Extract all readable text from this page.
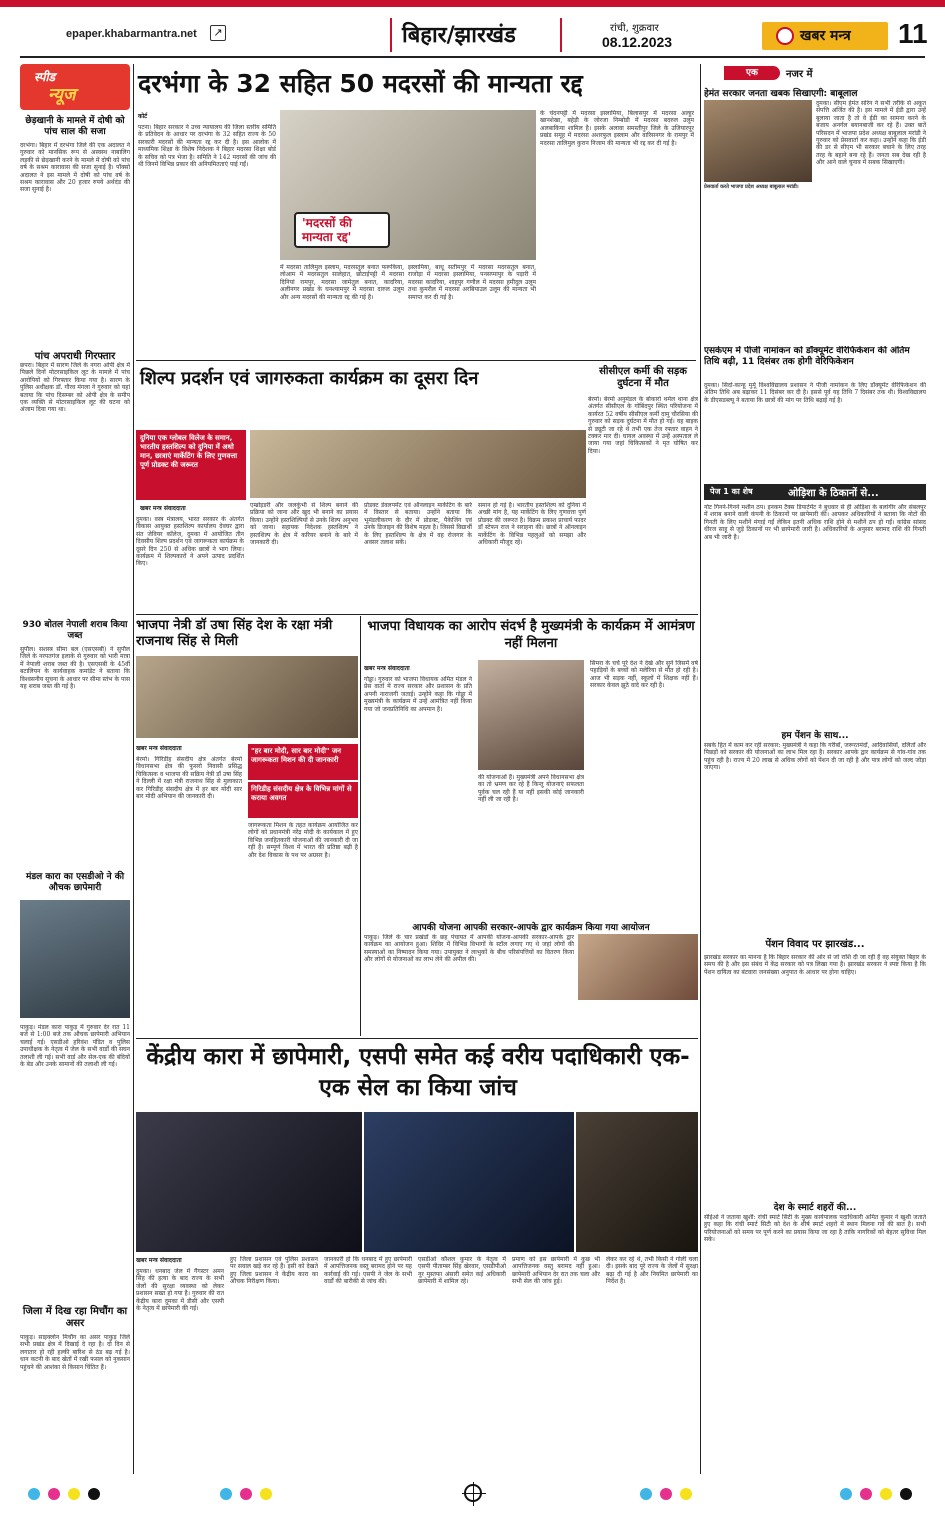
epaper.khabarmantra.net	↗	बिहार/झारखंड	रांची, शुक्रवार
08.12.2023	खबर मन्त्र 11
स्पीड
न्यूज
छेड़खानी के मामले में दोषी को पांच साल की सजा
दरभंगा। बिहार में दरभंगा जिले की एक अदालत ने गुरुवार को मानसिक रूप से अस्वस्थ नाबालिग लड़की से छेड़खानी करने के मामले में दोषी को पांच वर्ष के सश्रम कारावास की सजा सुनाई है। पॉक्सो अदालत ने इस मामले में दोषी को पांच वर्ष के सश्रम कारावास और 20 हजार रुपये अर्थदंड की सजा सुनाई है।
पांच अपराधी गिरफ्तार
छपरा। बिहार में सारण जिले के नगरा ओपी क्षेत्र में पिछले दिनों मोटरसाइकिल लूट के मामले में पांच आरोपियों को गिरफ्तार किया गया है। सारण के पुलिस अधीक्षक डॉ. गौरव मंगला ने गुरुवार को यहां बताया कि पांच दिसम्बर को ओपी क्षेत्र के समीप एक व्यक्ति से मोटरसाइकिल लूट की घटना को अंजाम दिया गया था।
930 बोतल नेपाली शराब किया जब्त
सुपौल। सशस्त्र सीमा बल (एसएसबी) ने सुपौल जिले के नरपतगंज इलाके से गुरुवार को भारी मात्रा में नेपाली शराब जब्त की है। एसएसबी के 45वीं बटालियन के कार्यवाहक कमांडेंट ने बताया कि विश्वसनीय सूचना के आधार पर सीमा स्तंभ के पास यह शराब जब्त की गई है।
मंडल कारा का एसडीओ ने की औचक छापेमारी
पाकुड़। मंडल कारा पाकुड़ में गुरुवार देर रात 11 बजे से 1:00 बजे तक औचक छापेमारी अभियान चलाई गई। एसडीओ हरिवंश पंडित व पुलिस उपाधीक्षक के नेतृत्व में जेल के सभी वार्डों की सघन तलाशी ली गई। सभी वार्ड और सेल-एक की बंदियों के बेड और उनके सामानों की तलाशी ली गई।
जिला में दिख रहा मिचौंग का असर
पाकुड़। साइक्लोन मिचौंग का असर पाकुड़ जिले सभी प्रखंड क्षेत्र में दिखाई दे रहा है। दो दिन से लगातार हो रही हल्की बारिश से ठंड बढ़ गई है। धान कटनी के बाद खेतों में रखी फसल को नुकसान पहुंचने की आशंका से किसान चिंतित हैं।
दरभंगा के 32 सहित 50 मदरसों की मान्यता रद्द
कोर्ट
पटना। बिहार सरकार ने उच्च न्यायालय की जिला स्तरीय समिति के प्रतिवेदन के आधार पर दरभंगा के 32 सहित राज्य के 50 सरकारी मदरसों की मान्यता रद्द कर दी है। इस आलोक में माध्यमिक शिक्षा के विशेष निदेशक ने बिहार मदरसा शिक्षा बोर्ड के सचिव को पत्र भेजा है। समिति ने 142 मदरसों की जांच की थी जिनमें विभिन्न प्रकार की अनियमितताएं पाई गईं।
'मदरसों की मान्यता रद्द'
में मदरसा तालिमुल इस्लाम, मदरसतुल बनात फरूकिया, लोआम में मदरसतुल सालेहात, छोटाईपट्टी में मदरसा दिनियां रामपुर, मदरसा जामेतुल बनात, कादरिया, अलीनगर प्रखंड के घनश्यामपुर में मदरसा दारुल उलूम और अन्य मदरसों की मान्यता रद्द की गई है।
इस्लामिया, बाधू सतीमपुर में मदरसा मदरसतुल बनात, राजोड़ा में मदरसा इस्लामिया, पनसप्पापुर के पड़ारी में मदरसा कादरिया, शाहपुर गणौल में मदरसा हमीदुल उलूम तथा कुमरौल में मदरसा अरबियाउल उलूम की मान्यता भी समाप्त कर दी गई है।
के चंदनपट्टी में मदरसा इस्लामिया, बिलासपुर में मदरसा अल्हुर खानशेखा, बहेड़ी के जोरजा निम्बोडी में मदरसा बदरुल उलूम अलबाकिया शामिल है। इसके अलावा समस्तीपुर जिले के उजियारपुर प्रखंड समूह में मदरसा अशरफुल इस्लाम और वारिसनगर के रामपुर में मदरसा तालिमुल कुरान निजाम की मान्यता भी रद्द कर दी गई है।
एक	नजर में
हेमंत सरकार जनता खबक सिखाएगी: बाबूलाल
प्रेसवार्ता करते भाजपा प्रदेश अध्यक्ष बाबूलाल मरांडी।
दुमका। सीएम हेमंत सोरेन ने सभी तरीके से अकूत संपत्ति अर्जित की है। इस मामले में ईडी द्वारा उन्हें बुलाया जाता है तो वे ईडी का सामना करने के बजाय अनर्गल बयानबाजी कर रहे हैं। उक्त बातें परिसदन में भाजपा प्रदेश अध्यक्ष बाबूलाल मरांडी ने गुरुवार को प्रेसवार्ता कर कहा। उन्होंने कहा कि ईडी की डर से सीएम भी सरकार बचाने के लिए तरह तरह के बहाने बना रहे हैं। जनता सब देख रही है और आने वाले चुनाव में सबक सिखाएगी।
एसकेएम में पीजी नामांकन को डॉक्यूमेंट वेरिफिकेशन की अंतिम तिथि बढ़ी, 11 दिसंबर तक होगी वेरिफिकेशन
दुमका। सिदो-कान्हू मुर्मू विश्वविद्यालय प्रशासन ने पीजी नामांकन के लिए डॉक्यूमेंट वेरिफिकेशन की अंतिम तिथि अब बढ़ाकर 11 दिसंबर कर दी है। इससे पूर्व यह तिथि 7 दिसंबर तक थी। विश्वविद्यालय के डीएसडब्ल्यू ने बताया कि छात्रों की मांग पर तिथि बढ़ाई गई है।
शिल्प प्रदर्शन एवं जागरुकता कार्यक्रम का दूसरा दिन
दुनिया एक ग्लोबल विलेज के समान, भारतीय हस्तशिल्प को दुनिया में अधो मान, छात्राएं मार्केटिंग के लिए गुणवत्ता पूर्ण प्रोडक्ट की जरूरत
खबर मन्त्र संवाददाता
दुमका। वस्त्र मंत्रालय, भारत सरकार के अंतर्गत विकास आयुक्त हस्तशिल्प कार्यालय देवघर द्वारा संत जेवियर कॉलेज, दुमका में आयोजित तीन दिवसीय शिल्प प्रदर्शन एवं जागरूकता कार्यक्रम के दूसरे दिन 250 से अधिक छात्रों ने भाग लिया। कार्यक्रम में शिल्पकारों ने अपने उत्पाद प्रदर्शित किए।
एम्ब्रोइडरी और जलकुंभी से शिल्प बनाने की प्रक्रिया को जाना और खुद भी बनाने का प्रयास किया। उन्होंने हस्तशिल्पियों से उनके शिल्प अनुभव को जाना। सहायक निदेशक हस्तशिल्प ने हस्तशिल्प के क्षेत्र में करियर बनाने के बारे में जानकारी दी।
प्रोडक्ट डेवलपमेंट एवं ऑनलाइन मार्केटिंग के बारे में विस्तार से बताया। उन्होंने बताया कि भूमंडलीकरण के दौर में प्रोडक्ट, पैकेजिंग एवं उनके डिजाइन की विशेष महत्व है। जिससे विद्यार्थी के लिए हस्तशिल्प के क्षेत्र में वह रोजगार के अवसर तलाश सकें।
समान हो गई है। भारतीय हस्तशिल्प को दुनिया में अच्छी मांग है, यह मार्केटिंग के लिए गुणवत्ता पूर्ण प्रोडक्ट की जरूरत है। विक्रम प्रकाश प्राचार्य फादर डॉ स्टेफन राज ने सराहना की। छात्रों ने ऑनलाइन मार्केटिंग के विभिन्न पहलुओं को समझा और अधिकारी मौजूद रहे।
सीसीएल कर्मी की सड़क दुर्घटना में मौत
बेरमो। बेरमो अनुमंडल के बोकारो थर्मल थाना क्षेत्र अंतर्गत सीसीएल के गोबिंदपुर स्थित परियोजना में कार्यरत 52 वर्षीय सीसीएल कर्मी दामु चौरसिया की गुरुवार को सड़क दुर्घटना में मौत हो गई। वह बाइक से ड्यूटी जा रहे थे तभी एक तेज रफ्तार वाहन ने टक्कर मार दी। घायल अवस्था में उन्हें अस्पताल ले जाया गया जहां चिकित्सकों ने मृत घोषित कर दिया।
पेज 1 का शेष	ओड़िशा के ठिकानों से...
नोट गिनने-गिनने मशीन ठप। इनकम टैक्स डिपार्टमेंट ने बुधवार से ही ओड़िशा के बलांगीर और संबलपुर में शराब बनाने वाली कंपनी के ठिकानों पर छापेमारी की। आयकर अधिकारियों ने बताया कि नोटों की गिनती के लिए मशीनें मंगाई गईं लेकिन इतनी अधिक राशि होने से मशीनें ठप हो गईं। कांग्रेस सांसद धीरज साहू से जुड़े ठिकानों पर भी छापेमारी जारी है। अधिकारियों के अनुसार बरामद राशि की गिनती अब भी जारी है।
हम पेंशन के साथ...
सबके हित में काम कर रही सरकार: मुख्यमंत्री ने कहा कि गरीबों, जरूरतमंदों, आदिवासियों, दलितों और पिछड़ों को सरकार की योजनाओं का लाभ मिल रहा है। सरकार आपके द्वार कार्यक्रम से गांव-गांव तक पहुंच रही है। राज्य में 20 लाख से अधिक लोगों को पेंशन दी जा रही है और पात्र लोगों को जल्द जोड़ा जाएगा।
पेंशन विवाद पर झारखंड...
झारखंड सरकार का मानना है कि बिहार सरकार की ओर से जो राशि दी जा रही है वह संयुक्त बिहार के समय की है और इस संबंध में केंद्र सरकार को पत्र लिखा गया है। झारखंड सरकार ने स्पष्ट किया है कि पेंशन दायित्व का बंटवारा जनसंख्या अनुपात के आधार पर होना चाहिए।
देश के स्मार्ट शहरों की...
सीईओ ने जताया खुशी: रांची स्मार्ट सिटी के मुख्य कार्यपालक पदाधिकारी अमित कुमार ने खुशी जताते हुए कहा कि रांची स्मार्ट सिटी को देश के शीर्ष स्मार्ट शहरों में स्थान मिलना गर्व की बात है। सभी परियोजनाओं को समय पर पूर्ण करने का प्रयास किया जा रहा है ताकि नागरिकों को बेहतर सुविधा मिल सके।
भाजपा नेत्री डॉ उषा सिंह देश के रक्षा मंत्री राजनाथ सिंह से मिली
खबर मन्त्र संवाददाता
बेरमो। गिरिडीह संसदीय क्षेत्र अंतर्गत बेरमो विधानसभा क्षेत्र की फुसरो निवासी प्रसिद्ध चिकित्सक व भाजपा की सक्रिय नेत्री डॉ उषा सिंह ने दिल्ली में रक्षा मंत्री राजनाथ सिंह से मुलाकात कर गिरिडीह संसदीय क्षेत्र में हर बार मोदी सार बार मोदी अभियान की जानकारी दी।
"हर बार मोदी, सार बार मोदी" जन जागरूकता मिशन की दी जानकारी
गिरिडीह संसदीय क्षेत्र के विभिन्न मांगों से कराया अवगत
जागरूकता मिशन के तहत कार्यक्रम आयोजित कर लोगों को प्रधानमंत्री नरेंद्र मोदी के कार्यकाल में हुए विभिन्न जनहितकारी योजनाओं की जानकारी दी जा रही है। सम्पूर्ण विश्व में भारत की प्रतिष्ठा बढ़ी है और देश विकास के पथ पर अग्रसर है।
भाजपा विधायक का आरोप संदर्भ है मुख्यमंत्री के कार्यक्रम में आमंत्रण नहीं मिलना
खबर मन्त्र संवाददाता
गोड्डा। गुरुवार को भाजपा विधायक अमित मंडल ने प्रेस वार्ता में राज्य सरकार और प्रशासन के प्रति अपनी नाराजगी जताई। उन्होंने कहा कि गोड्डा में मुख्यमंत्री के कार्यक्रम में उन्हें आमंत्रित नहीं किया गया जो जनप्रतिनिधि का अपमान है।
की योजनाओं हैं। मुख्यमंत्री अपने विधानसभा क्षेत्र का तो भ्रमण कर रहे हैं किन्तु योजनाएं सफलता पूर्वक चल रही हैं या नहीं इसकी कोई जानकारी नहीं ली जा रही है।
सिमरा के चर्चे पूरे देश ने देखे और सुने जिसमें वर्ष पहाड़ियों के बच्चों को मलेरिया से मौत हो रही है। आज भी सड़क नहीं, स्कूलों में शिक्षक नहीं हैं। सरकार केवल झूठे वादे कर रही है।
आपकी योजना आपकी सरकार-आपके द्वार कार्यक्रम किया गया आयोजन
पाकुड़। जिले के चार प्रखंडों के छह पंचायत में आपकी योजना-आपकी सरकार-आपके द्वार कार्यक्रम का आयोजन हुआ। शिविर में विभिन्न विभागों के स्टॉल लगाए गए थे जहां लोगों की समस्याओं का निष्पादन किया गया। उपायुक्त ने लाभुकों के बीच परिसंपत्तियों का वितरण किया और लोगों से योजनाओं का लाभ लेने की अपील की।
केंद्रीय कारा में छापेमारी, एसपी समेत कई वरीय पदाधिकारी एक-एक सेल का किया जांच
खबर मन्त्र संवाददाता
दुमका। धनबाद जेल में गैंगस्टर अमन सिंह की हत्या के बाद राज्य के सभी जेलों की सुरक्षा व्यवस्था को लेकर प्रशासन सख्त हो गया है। गुरुवार की रात केंद्रीय कारा दुमका में डीसी और एसपी के नेतृत्व में छापेमारी की गई।
हुए जिला प्रशासन एवं पुलिस प्रशासन पर सवाल खड़े कर रहे हैं। इसी को देखते हुए जिला प्रशासन ने केंद्रीय कारा का औचक निरीक्षण किया।
जानकारी हो कि धनबाद में हुए छापेमारी में आपत्तिजनक वस्तु बरामद होने पर यह कार्रवाई की गई। एसपी ने जेल के सभी वार्डों की बारीकी से जांच की।
एसडीओ कौशल कुमार के नेतृत्व में एसपी पीताम्बर सिंह खेरवार, एसडीपीओ नूर मुस्तफा अंसारी समेत कई अधिकारी छापेमारी में शामिल रहे।
प्रमाण को इस छापेमारी में कुछ भी आपत्तिजनक वस्तु बरामद नहीं हुआ। छापेमारी अभियान देर रात तक चला और सभी सेल की जांच हुई।
लेकर कर रहे थे, तभी किसी ने गोली चला दी। इसके बाद पूरे राज्य के जेलों में सुरक्षा बढ़ा दी गई है और नियमित छापेमारी का निर्देश है।
